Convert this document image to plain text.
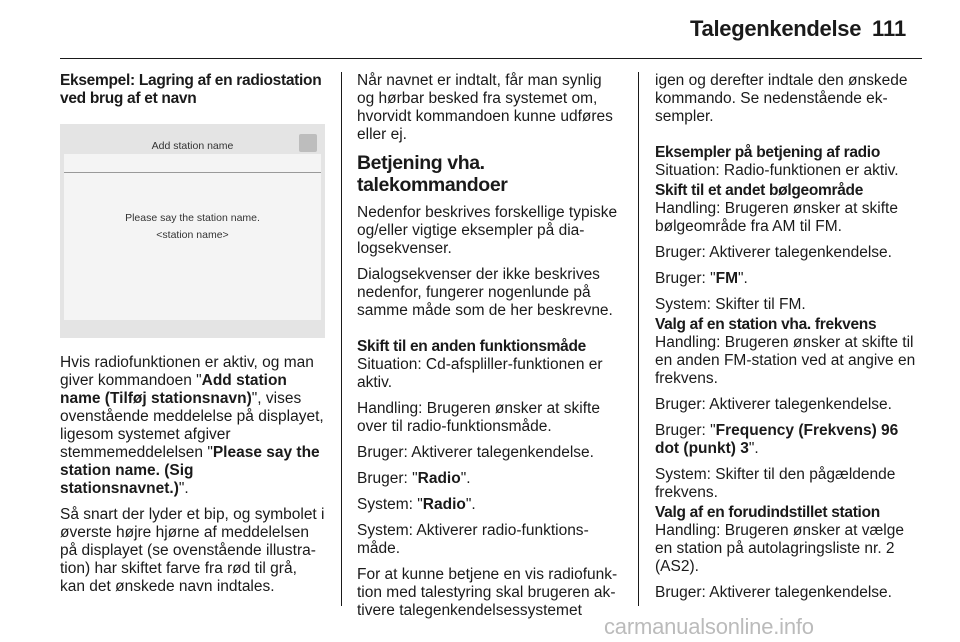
Talegenkendelse 111

Eksempel: Lagring af en radiostation ved brug af et navn

Add station name
Please say the station name.
<station name>

Hvis radiofunktionen er aktiv, og man giver kommandoen "Add station name (Tilføj stationsnavn)", vises ovenstående meddelelse på displayet, ligesom systemet afgiver stemmemeddelelsen "Please say the station name. (Sig stationsnavnet.)".

Så snart der lyder et bip, og symbolet i øverste højre hjørne af meddelelsen på displayet (se ovenstående illustration) har skiftet farve fra rød til grå, kan det ønskede navn indtales.

Når navnet er indtalt, får man synlig og hørbar besked fra systemet om, hvorvidt kommandoen kunne udføres eller ej.

Betjening vha. talekommandoer

Nedenfor beskrives forskellige typiske og/eller vigtige eksempler på dialogsekvenser.

Dialogsekvenser der ikke beskrives nedenfor, fungerer nogenlunde på samme måde som de her beskrevne.

Skift til en anden funktionsmåde

Situation: Cd-afspliller-funktionen er aktiv.

Handling: Brugeren ønsker at skifte over til radio-funktionsmåde.

Bruger: Aktiverer talegenkendelse.

Bruger: "Radio".

System: "Radio".

System: Aktiverer radio-funktionsmåde.

For at kunne betjene en vis radiofunktion med talestyring skal brugeren aktivere talegenkendelsessystemet

igen og derefter indtale den ønskede kommando. Se nedenstående eksempler.

Eksempler på betjening af radio

Situation: Radio-funktionen er aktiv.

Skift til et andet bølgeområde

Handling: Brugeren ønsker at skifte bølgeområde fra AM til FM.

Bruger: Aktiverer talegenkendelse.

Bruger: "FM".

System: Skifter til FM.

Valg af en station vha. frekvens

Handling: Brugeren ønsker at skifte til en anden FM-station ved at angive en frekvens.

Bruger: Aktiverer talegenkendelse.

Bruger: "Frequency (Frekvens) 96 dot (punkt) 3".

System: Skifter til den pågældende frekvens.

Valg af en forudindstillet station

Handling: Brugeren ønsker at vælge en station på autolagringsliste nr. 2 (AS2).

Bruger: Aktiverer talegenkendelse.

carmanualsonline.info
